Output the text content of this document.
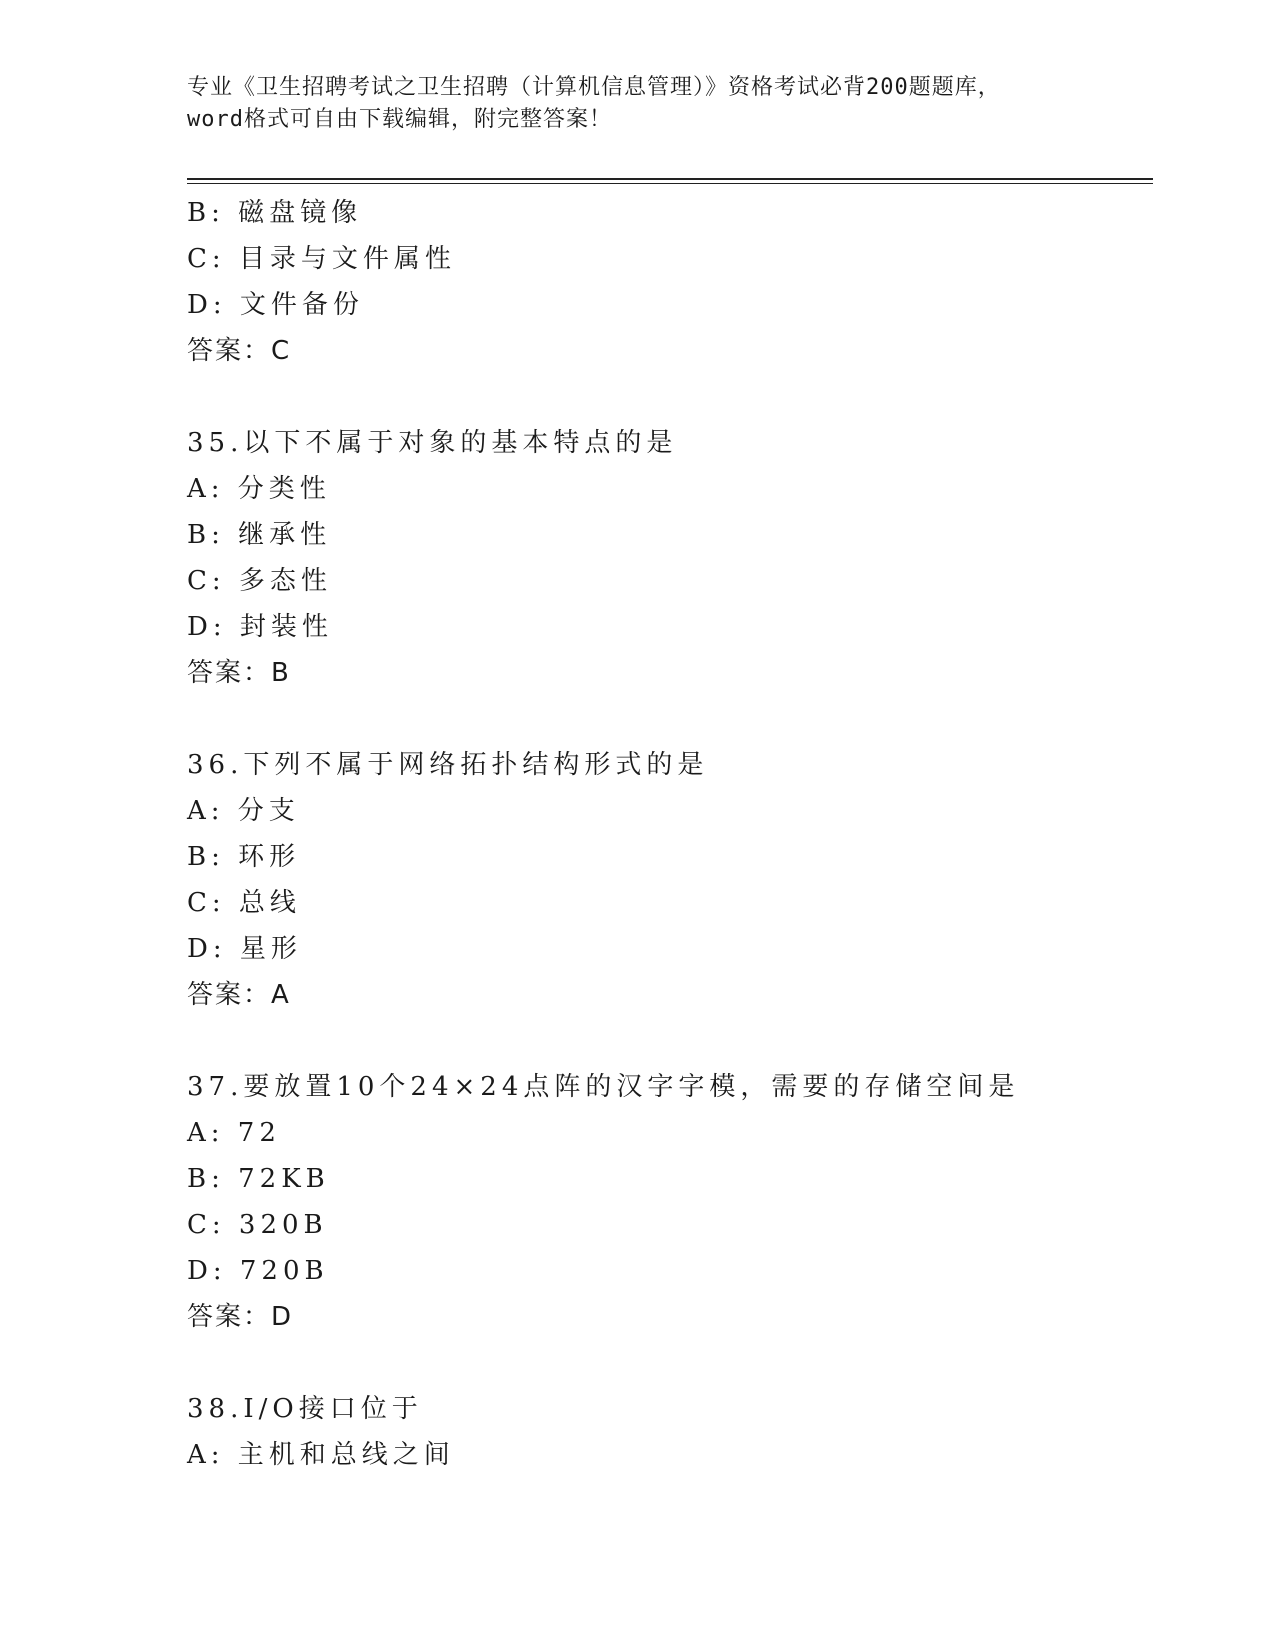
专业《卫生招聘考试之卫生招聘（计算机信息管理）》资格考试必背200题题库，
word格式可自由下载编辑，附完整答案！
B: 磁盘镜像
C: 目录与文件属性
D: 文件备份
答案：C
35.以下不属于对象的基本特点的是
A: 分类性
B: 继承性
C: 多态性
D: 封装性
答案：B
36.下列不属于网络拓扑结构形式的是
A: 分支
B: 环形
C: 总线
D: 星形
答案：A
37.要放置10个24×24点阵的汉字字模，需要的存储空间是
A: 72
B: 72KB
C: 320B
D: 720B
答案：D
38.I/O接口位于
A: 主机和总线之间
